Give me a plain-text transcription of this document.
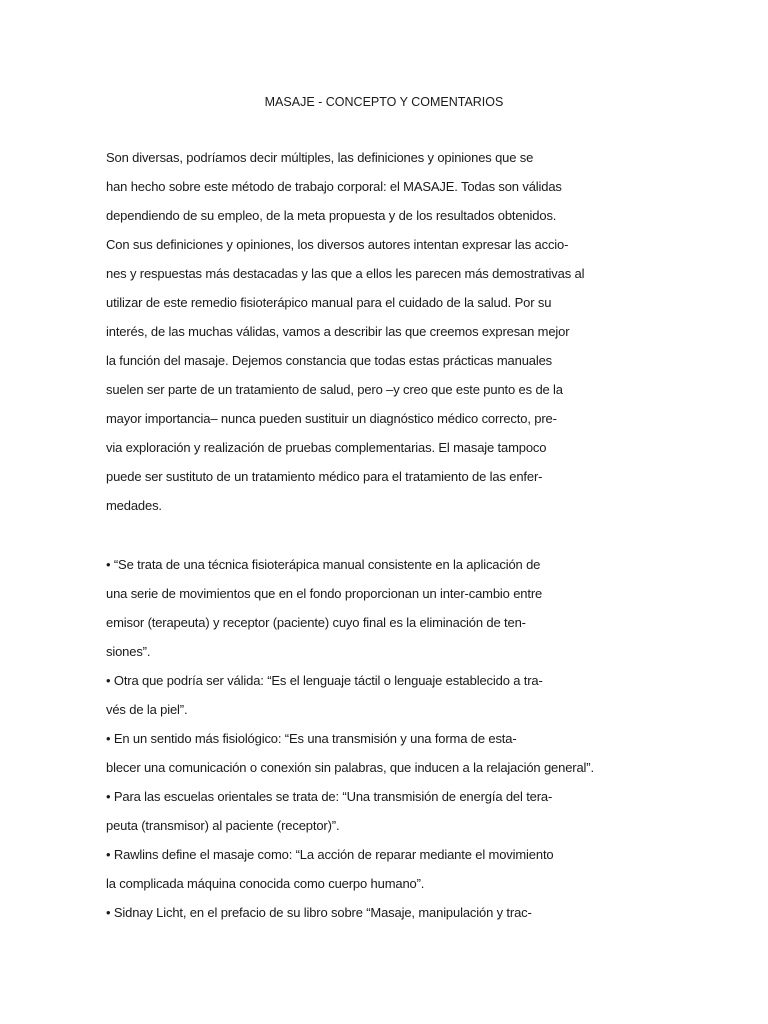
MASAJE - CONCEPTO Y COMENTARIOS
Son diversas, podríamos decir múltiples, las definiciones y opiniones que se
han hecho sobre este método de trabajo corporal: el MASAJE. Todas son válidas
dependiendo de su empleo, de la meta propuesta y de los resultados obtenidos.
Con sus definiciones y opiniones, los diversos autores intentan expresar las accio-
nes y respuestas más destacadas y las que a ellos les parecen más demostrativas al
utilizar de este remedio fisioterápico manual para el cuidado de la salud. Por su
interés, de las muchas válidas, vamos a describir las que creemos expresan mejor
la función del masaje. Dejemos constancia que todas estas prácticas manuales
suelen ser parte de un tratamiento de salud, pero –y creo que este punto es de la
mayor importancia– nunca pueden sustituir un diagnóstico médico correcto, pre-
via exploración y realización de pruebas complementarias. El masaje tampoco
puede ser sustituto de un tratamiento médico para el tratamiento de las enfer-
medades.
• “Se trata de una técnica fisioterápica manual consistente en la aplicación de
una serie de movimientos que en el fondo proporcionan un inter-cambio entre
emisor (terapeuta) y receptor (paciente) cuyo final es la eliminación de ten-
siones”.
• Otra que podría ser válida: “Es el lenguaje táctil o lenguaje establecido a tra-
vés de la piel”.
• En un sentido más fisiológico: “Es una transmisión y una forma de esta-
blecer una comunicación o conexión sin palabras, que inducen a la relajación general”.
• Para las escuelas orientales se trata de: “Una transmisión de energía del tera-
peuta (transmisor) al paciente (receptor)”.
• Rawlins define el masaje como: “La acción de reparar mediante el movimiento
la complicada máquina conocida como cuerpo humano”.
• Sidnay Licht, en el prefacio de su libro sobre “Masaje, manipulación y trac-
